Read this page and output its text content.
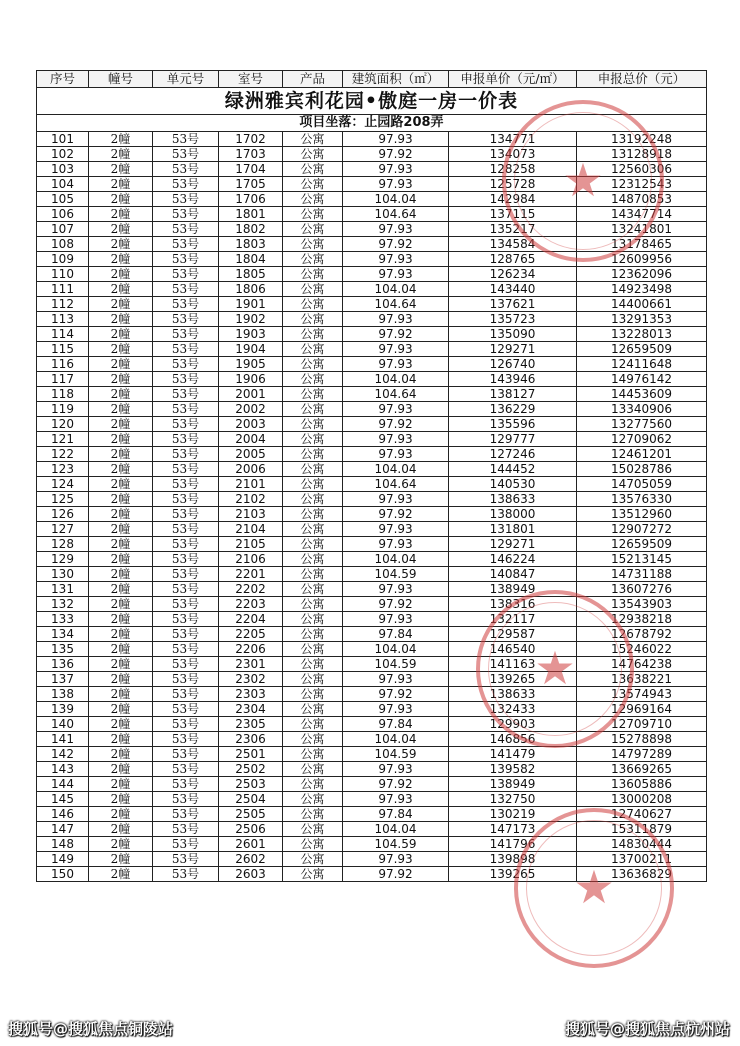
绿洲雅宾利花园•傲庭一房一价表							
项目坐落：止园路208弄							
序号	幢号	单元号	室号	产品	建筑面积（㎡）	申报单价（元/㎡）	申报总价（元）
101	2幢	53号	1702	公寓	97.93	134771	13192248
102	2幢	53号	1703	公寓	97.92	134073	13128918
103	2幢	53号	1704	公寓	97.93	128258	12560306
104	2幢	53号	1705	公寓	97.93	125728	12312543
105	2幢	53号	1706	公寓	104.04	142984	14870853
106	2幢	53号	1801	公寓	104.64	137115	14347714
107	2幢	53号	1802	公寓	97.93	135217	13241801
108	2幢	53号	1803	公寓	97.92	134584	13178465
109	2幢	53号	1804	公寓	97.93	128765	12609956
110	2幢	53号	1805	公寓	97.93	126234	12362096
111	2幢	53号	1806	公寓	104.04	143440	14923498
112	2幢	53号	1901	公寓	104.64	137621	14400661
113	2幢	53号	1902	公寓	97.93	135723	13291353
114	2幢	53号	1903	公寓	97.92	135090	13228013
115	2幢	53号	1904	公寓	97.93	129271	12659509
116	2幢	53号	1905	公寓	97.93	126740	12411648
117	2幢	53号	1906	公寓	104.04	143946	14976142
118	2幢	53号	2001	公寓	104.64	138127	14453609
119	2幢	53号	2002	公寓	97.93	136229	13340906
120	2幢	53号	2003	公寓	97.92	135596	13277560
121	2幢	53号	2004	公寓	97.93	129777	12709062
122	2幢	53号	2005	公寓	97.93	127246	12461201
123	2幢	53号	2006	公寓	104.04	144452	15028786
124	2幢	53号	2101	公寓	104.64	140530	14705059
125	2幢	53号	2102	公寓	97.93	138633	13576330
126	2幢	53号	2103	公寓	97.92	138000	13512960
127	2幢	53号	2104	公寓	97.93	131801	12907272
128	2幢	53号	2105	公寓	97.93	129271	12659509
129	2幢	53号	2106	公寓	104.04	146224	15213145
130	2幢	53号	2201	公寓	104.59	140847	14731188
131	2幢	53号	2202	公寓	97.93	138949	13607276
132	2幢	53号	2203	公寓	97.92	138316	13543903
133	2幢	53号	2204	公寓	97.93	132117	12938218
134	2幢	53号	2205	公寓	97.84	129587	12678792
135	2幢	53号	2206	公寓	104.04	146540	15246022
136	2幢	53号	2301	公寓	104.59	141163	14764238
137	2幢	53号	2302	公寓	97.93	139265	13638221
138	2幢	53号	2303	公寓	97.92	138633	13574943
139	2幢	53号	2304	公寓	97.93	132433	12969164
140	2幢	53号	2305	公寓	97.84	129903	12709710
141	2幢	53号	2306	公寓	104.04	146856	15278898
142	2幢	53号	2501	公寓	104.59	141479	14797289
143	2幢	53号	2502	公寓	97.93	139582	13669265
144	2幢	53号	2503	公寓	97.92	138949	13605886
145	2幢	53号	2504	公寓	97.93	132750	13000208
146	2幢	53号	2505	公寓	97.84	130219	12740627
147	2幢	53号	2506	公寓	104.04	147173	15311879
148	2幢	53号	2601	公寓	104.59	141796	14830444
149	2幢	53号	2602	公寓	97.93	139898	13700211
150	2幢	53号	2603	公寓	97.92	139265	13636829
★
★
★
搜狐号@搜狐焦点铜陵站	搜狐号@搜狐焦点杭州站
